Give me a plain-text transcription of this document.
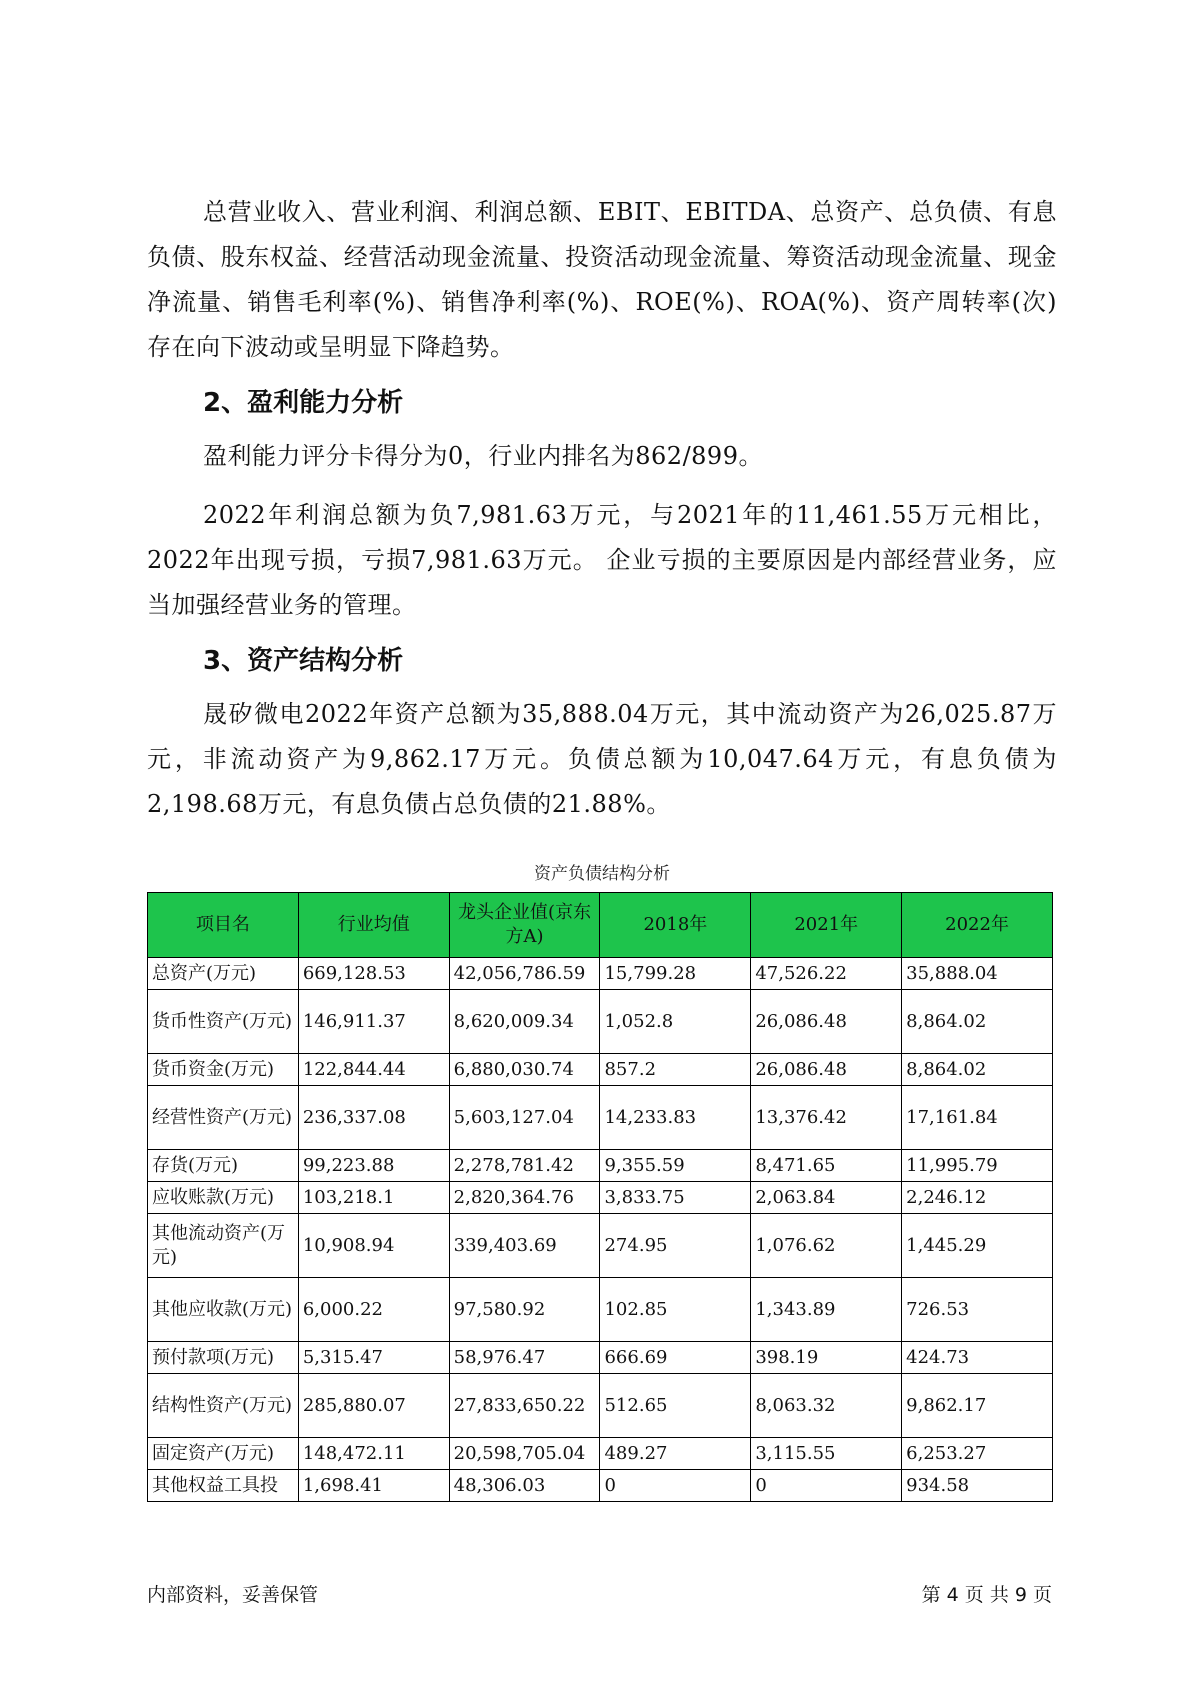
总营业收入、营业利润、利润总额、EBIT、EBITDA、总资产、总负债、有息负债、股东权益、经营活动现金流量、投资活动现金流量、筹资活动现金流量、现金净流量、销售毛利率(%)、销售净利率(%)、ROE(%)、ROA(%)、资产周转率(次)存在向下波动或呈明显下降趋势。

2、盈利能力分析

盈利能力评分卡得分为0，行业内排名为862/899。

2022年利润总额为负7,981.63万元，与2021年的11,461.55万元相比，2022年出现亏损，亏损7,981.63万元。 企业亏损的主要原因是内部经营业务，应当加强经营业务的管理。

3、资产结构分析

晟矽微电2022年资产总额为35,888.04万元，其中流动资产为26,025.87万元，非流动资产为9,862.17万元。负债总额为10,047.64万元，有息负债为2,198.68万元，有息负债占总负债的21.88%。

资产负债结构分析
项目名	行业均值	龙头企业值(京东方A)	2018年	2021年	2022年
总资产(万元)	669,128.53	42,056,786.59	15,799.28	47,526.22	35,888.04
货币性资产(万元)	146,911.37	8,620,009.34	1,052.8	26,086.48	8,864.02
货币资金(万元)	122,844.44	6,880,030.74	857.2	26,086.48	8,864.02
经营性资产(万元)	236,337.08	5,603,127.04	14,233.83	13,376.42	17,161.84
存货(万元)	99,223.88	2,278,781.42	9,355.59	8,471.65	11,995.79
应收账款(万元)	103,218.1	2,820,364.76	3,833.75	2,063.84	2,246.12
其他流动资产(万元)	10,908.94	339,403.69	274.95	1,076.62	1,445.29
其他应收款(万元)	6,000.22	97,580.92	102.85	1,343.89	726.53
预付款项(万元)	5,315.47	58,976.47	666.69	398.19	424.73
结构性资产(万元)	285,880.07	27,833,650.22	512.65	8,063.32	9,862.17
固定资产(万元)	148,472.11	20,598,705.04	489.27	3,115.55	6,253.27
其他权益工具投	1,698.41	48,306.03	0	0	934.58
内部资料，妥善保管	第 4 页 共 9 页
